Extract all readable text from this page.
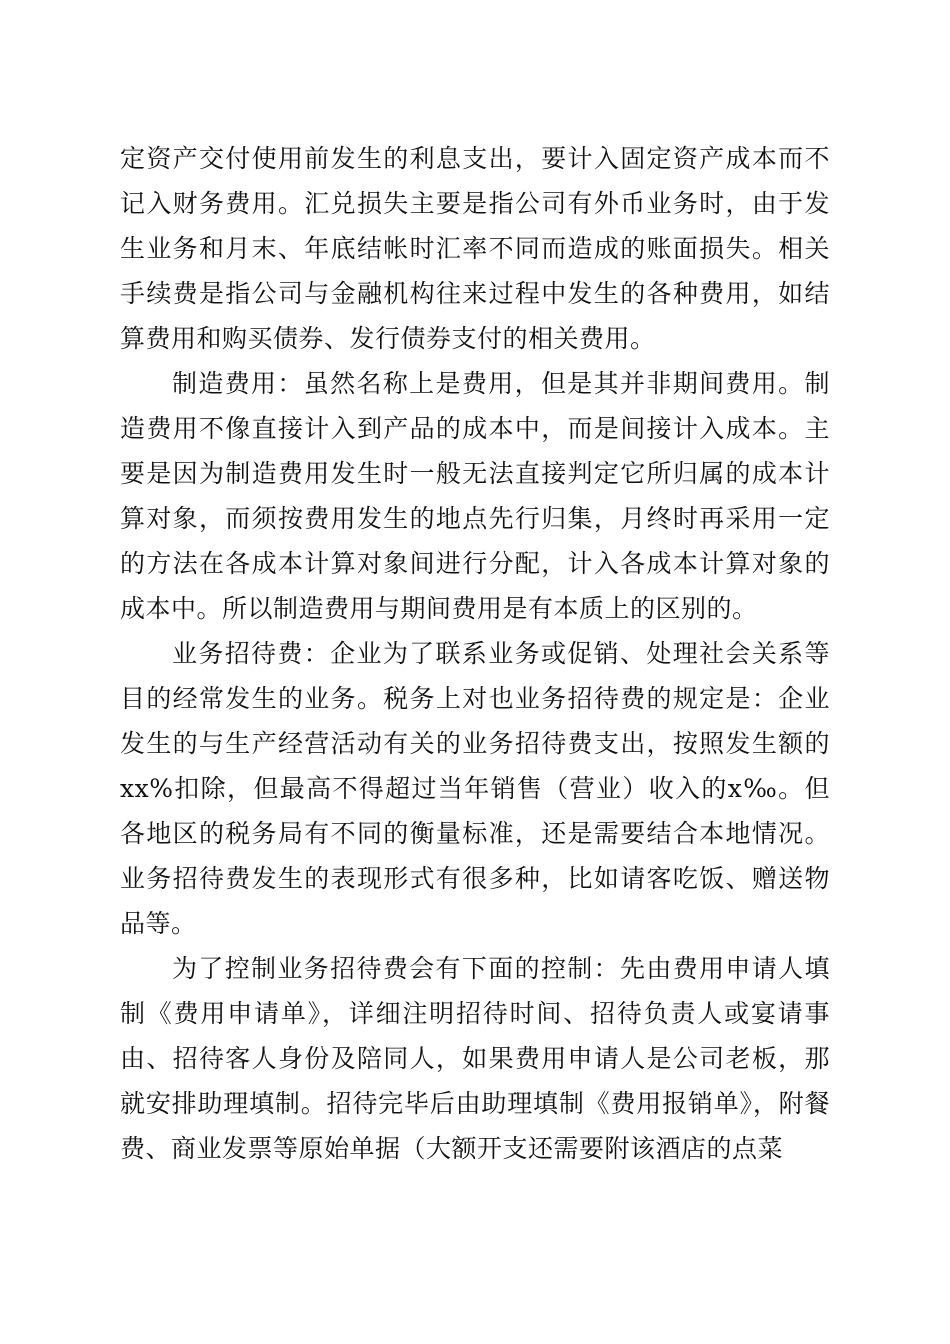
定资产交付使用前发生的利息支出，要计入固定资产成本而不记入财务费用。汇兑损失主要是指公司有外币业务时，由于发生业务和月末、年底结帐时汇率不同而造成的账面损失。相关手续费是指公司与金融机构往来过程中发生的各种费用，如结算费用和购买债券、发行债券支付的相关费用。

制造费用：虽然名称上是费用，但是其并非期间费用。制造费用不像直接计入到产品的成本中，而是间接计入成本。主要是因为制造费用发生时一般无法直接判定它所归属的成本计算对象，而须按费用发生的地点先行归集，月终时再采用一定的方法在各成本计算对象间进行分配，计入各成本计算对象的成本中。所以制造费用与期间费用是有本质上的区别的。

业务招待费：企业为了联系业务或促销、处理社会关系等目的经常发生的业务。税务上对也业务招待费的规定是：企业发生的与生产经营活动有关的业务招待费支出，按照发生额的xx%扣除，但最高不得超过当年销售（营业）收入的x‰。但各地区的税务局有不同的衡量标准，还是需要结合本地情况。业务招待费发生的表现形式有很多种，比如请客吃饭、赠送物品等。

为了控制业务招待费会有下面的控制：先由费用申请人填制《费用申请单》，详细注明招待时间、招待负责人或宴请事由、招待客人身份及陪同人，如果费用申请人是公司老板，那就安排助理填制。招待完毕后由助理填制《费用报销单》，附餐费、商业发票等原始单据（大额开支还需要附该酒店的点菜
